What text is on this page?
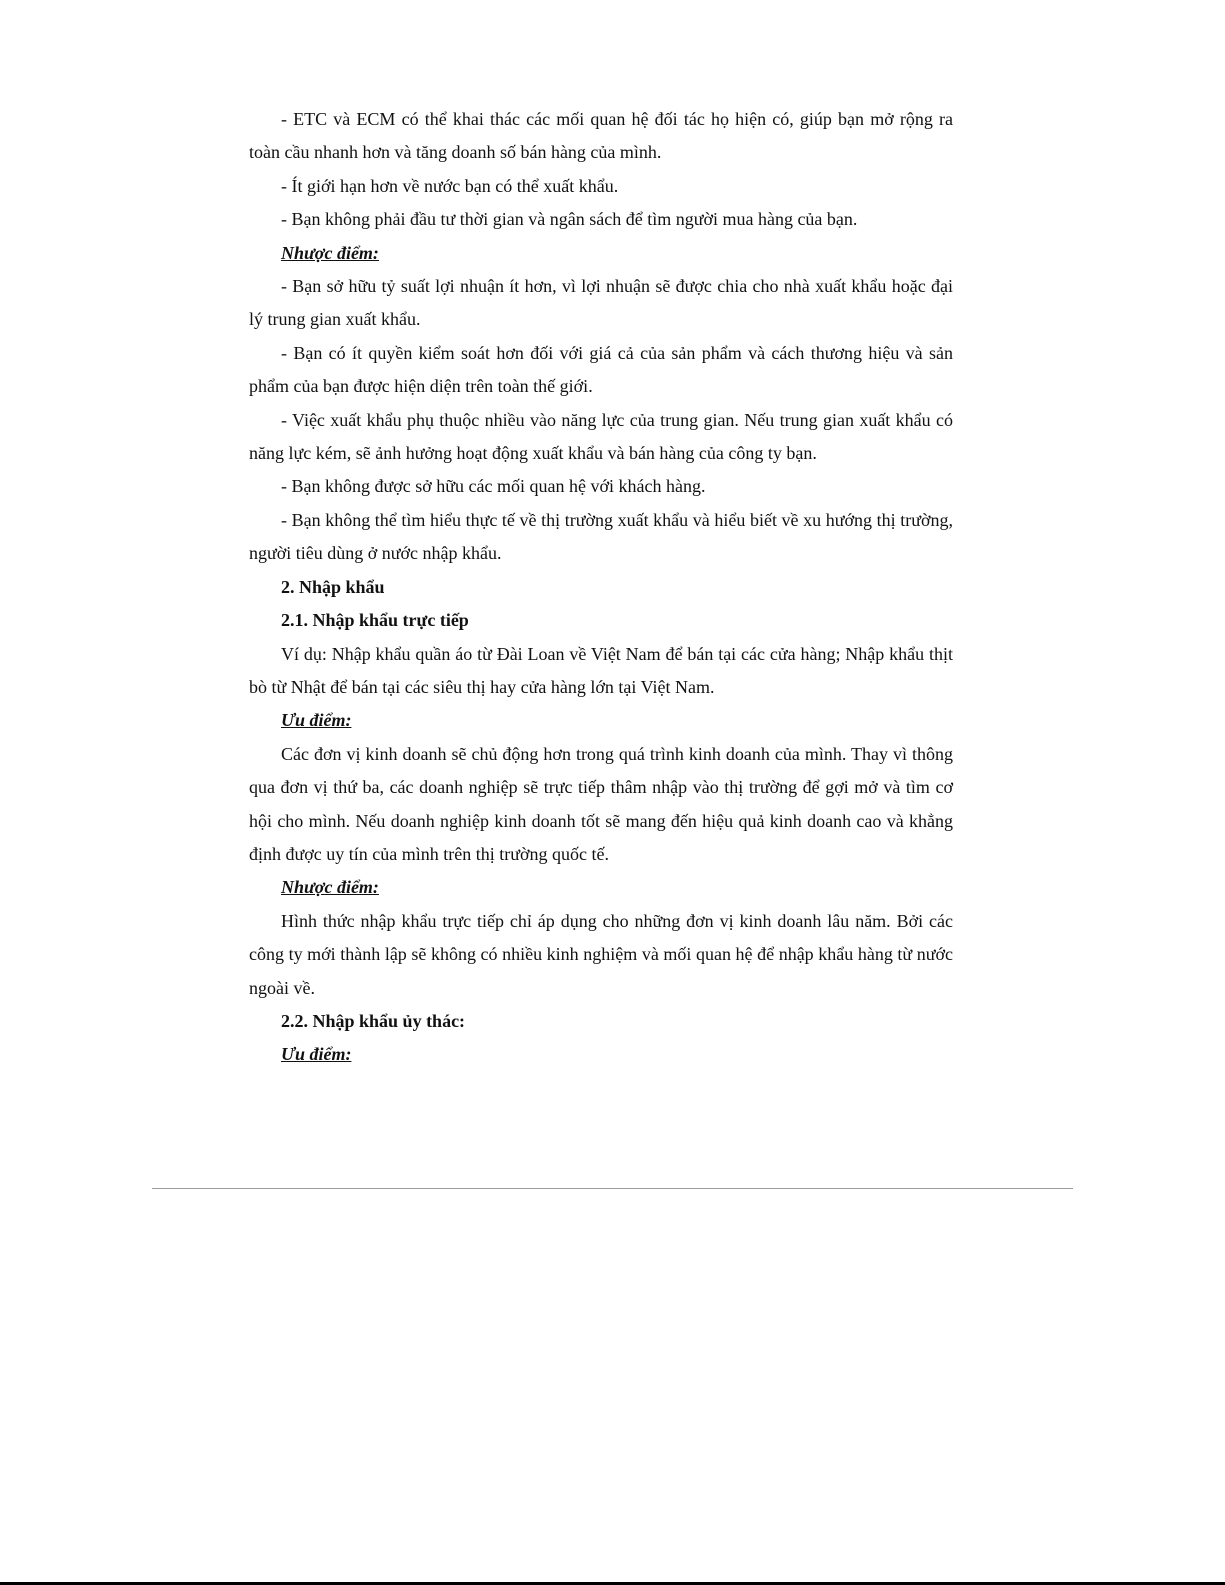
- ETC và ECM có thể khai thác các mối quan hệ đối tác họ hiện có, giúp bạn mở rộng ra toàn cầu nhanh hơn và tăng doanh số bán hàng của mình.

- Ít giới hạn hơn về nước bạn có thể xuất khẩu.

- Bạn không phải đầu tư thời gian và ngân sách để tìm người mua hàng của bạn.

Nhược điểm:

- Bạn sở hữu tỷ suất lợi nhuận ít hơn, vì lợi nhuận sẽ được chia cho nhà xuất khẩu hoặc đại lý trung gian xuất khẩu.

- Bạn có ít quyền kiểm soát hơn đối với giá cả của sản phẩm và cách thương hiệu và sản phẩm của bạn được hiện diện trên toàn thế giới.

- Việc xuất khẩu phụ thuộc nhiều vào năng lực của trung gian. Nếu trung gian xuất khẩu có năng lực kém, sẽ ảnh hưởng hoạt động xuất khẩu và bán hàng của công ty bạn.

- Bạn không được sở hữu các mối quan hệ với khách hàng.

- Bạn không thể tìm hiểu thực tế về thị trường xuất khẩu và hiểu biết về xu hướng thị trường, người tiêu dùng ở nước nhập khẩu.

2. Nhập khẩu

2.1. Nhập khẩu trực tiếp

Ví dụ: Nhập khẩu quần áo từ Đài Loan về Việt Nam để bán tại các cửa hàng; Nhập khẩu thịt bò từ Nhật để bán tại các siêu thị hay cửa hàng lớn tại Việt Nam.

Ưu điểm:

Các đơn vị kinh doanh sẽ chủ động hơn trong quá trình kinh doanh của mình. Thay vì thông qua đơn vị thứ ba, các doanh nghiệp sẽ trực tiếp thâm nhập vào thị trường để gợi mở và tìm cơ hội cho mình. Nếu doanh nghiệp kinh doanh tốt sẽ mang đến hiệu quả kinh doanh cao và khẳng định được uy tín của mình trên thị trường quốc tế.

Nhược điểm:

Hình thức nhập khẩu trực tiếp chỉ áp dụng cho những đơn vị kinh doanh lâu năm. Bởi các công ty mới thành lập sẽ không có nhiều kinh nghiệm và mối quan hệ để nhập khẩu hàng từ nước ngoài về.

2.2. Nhập khẩu ủy thác:

Ưu điểm:
